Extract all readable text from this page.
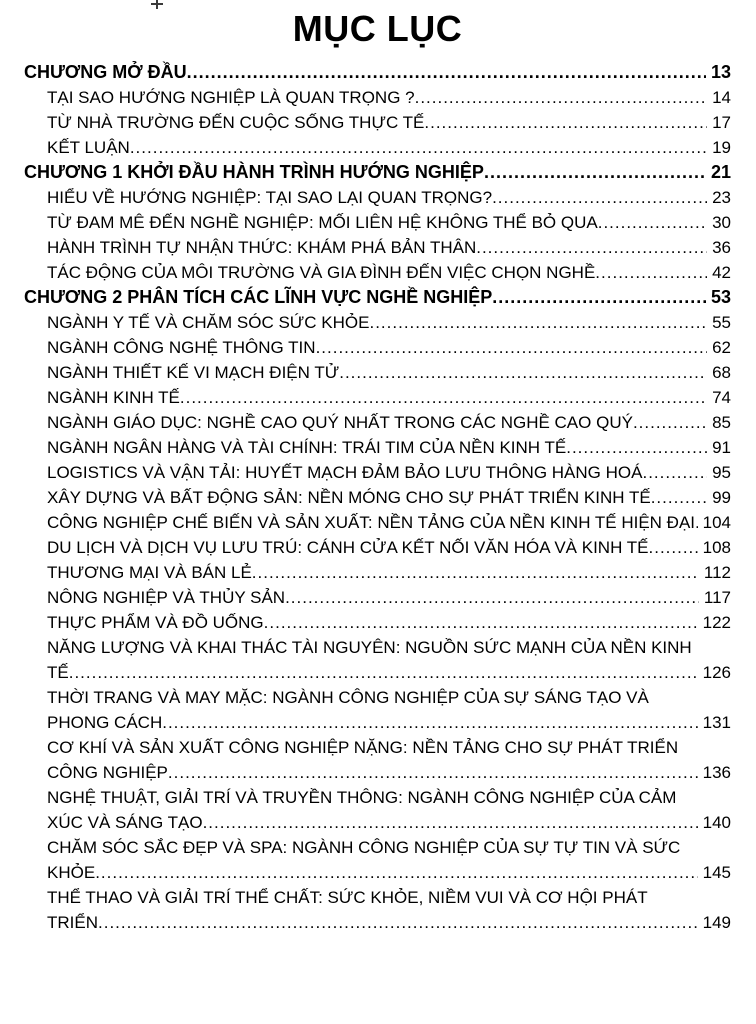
MỤC LỤC
CHƯƠNG MỞ ĐẦU .....	13
TẠI SAO HƯỚNG NGHIỆP LÀ QUAN TRỌNG ? .....	14
TỪ NHÀ TRƯỜNG ĐẾN CUỘC SỐNG THỰC TẾ .....	17
KẾT LUẬN .....	19
CHƯƠNG 1 KHỞI ĐẦU HÀNH TRÌNH HƯỚNG NGHIỆP .....	21
HIỂU VỀ HƯỚNG NGHIỆP: TẠI SAO LẠI QUAN TRỌNG? .....	23
TỪ ĐAM MÊ ĐẾN NGHỀ NGHIỆP: MỐI LIÊN HỆ KHÔNG THỂ BỎ QUA .....	30
HÀNH TRÌNH TỰ NHẬN THỨC: KHÁM PHÁ BẢN THÂN .....	36
TÁC ĐỘNG CỦA MÔI TRƯỜNG VÀ GIA ĐÌNH ĐẾN VIỆC CHỌN NGHỀ .....	42
CHƯƠNG 2 PHÂN TÍCH CÁC LĨNH VỰC NGHỀ NGHIỆP .....	53
NGÀNH Y TẾ VÀ CHĂM SÓC SỨC KHỎE .....	55
NGÀNH CÔNG NGHỆ THÔNG TIN .....	62
NGÀNH THIẾT KẾ VI MẠCH ĐIỆN TỬ .....	68
NGÀNH KINH TẾ .....	74
NGÀNH GIÁO DỤC: NGHỀ CAO QUÝ NHẤT TRONG CÁC NGHỀ CAO QUÝ .....	85
NGÀNH NGÂN HÀNG VÀ TÀI CHÍNH: TRÁI TIM CỦA NỀN KINH TẾ .....	91
LOGISTICS VÀ VẬN TẢI: HUYẾT MẠCH ĐẢM BẢO LƯU THÔNG HÀNG HOÁ .....	95
XÂY DỰNG VÀ BẤT ĐỘNG SẢN: NỀN MÓNG CHO SỰ PHÁT TRIỂN KINH TẾ .....	99
CÔNG NGHIỆP CHẾ BIẾN VÀ SẢN XUẤT: NỀN TẢNG CỦA NỀN KINH TẾ HIỆN ĐẠI ..... 104
DU LỊCH VÀ DỊCH VỤ LƯU TRÚ: CÁNH CỬA KẾT NỐI VĂN HÓA VÀ KINH TẾ .....	108
THƯƠNG MẠI VÀ BÁN LẺ .....	112
NÔNG NGHIỆP VÀ THỦY SẢN .....	117
THỰC PHẨM VÀ ĐỒ UỐNG .....	122
NĂNG LƯỢNG VÀ KHAI THÁC TÀI NGUYÊN: NGUỒN SỨC MẠNH CỦA NỀN KINH TẾ .....	126
THỜI TRANG VÀ MAY MẶC: NGÀNH CÔNG NGHIỆP CỦA SỰ SÁNG TẠO VÀ PHONG CÁCH .....	131
CƠ KHÍ VÀ SẢN XUẤT CÔNG NGHIỆP NẶNG: NỀN TẢNG CHO SỰ PHÁT TRIỂN CÔNG NGHIỆP .....	136
NGHỆ THUẬT, GIẢI TRÍ VÀ TRUYỀN THÔNG: NGÀNH CÔNG NGHIỆP CỦA CẢM XÚC VÀ SÁNG TẠO .....	140
CHĂM SÓC SẮC ĐẸP VÀ SPA: NGÀNH CÔNG NGHIỆP CỦA SỰ TỰ TIN VÀ SỨC KHỎE .....	145
THỂ THAO VÀ GIẢI TRÍ THỂ CHẤT: SỨC KHỎE, NIỀM VUI VÀ CƠ HỘI PHÁT TRIỂN .....	149
